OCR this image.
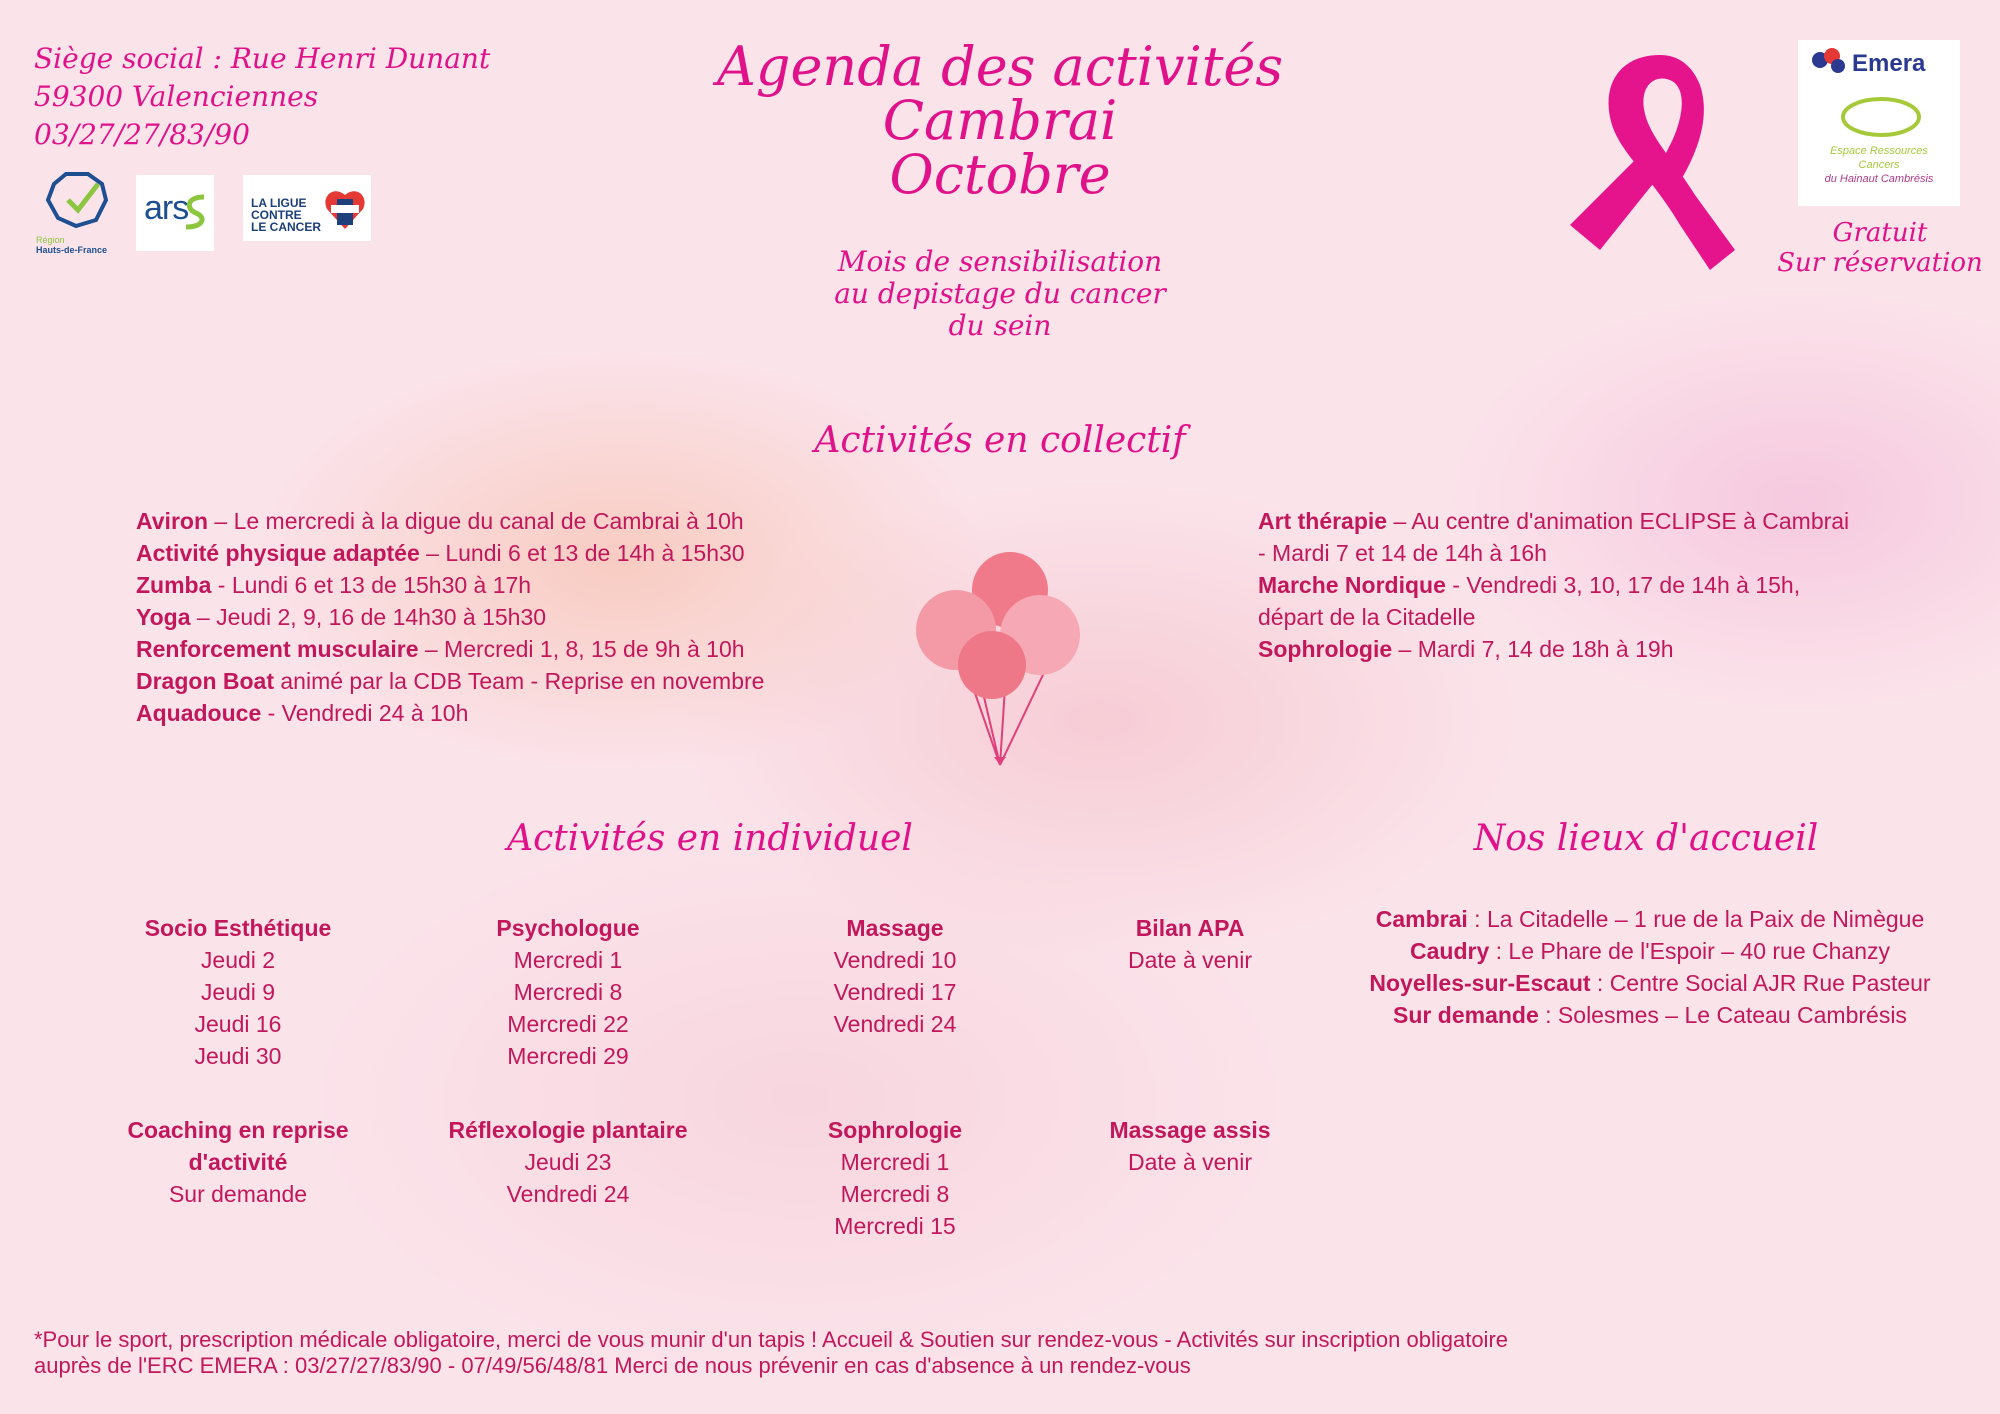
Siège social : Rue Henri Dunant
59300 Valenciennes
03/27/27/83/90
Région
Hauts-de-France
ars	LA LIGUE
CONTRE
LE CANCER
Agenda des activités
Cambrai
Octobre
Mois de sensibilisation au depistage du cancer du sein
Emera
Espace Ressources
Cancers
du Hainaut Cambrésis
Gratuit
Sur réservation
Activités en collectif
Aviron – Le mercredi à la digue du canal de Cambrai à 10h
Activité physique adaptée – Lundi 6 et 13 de 14h à 15h30
Zumba - Lundi 6 et 13 de 15h30 à 17h
Yoga – Jeudi 2, 9, 16 de 14h30 à 15h30
Renforcement musculaire – Mercredi 1, 8, 15 de 9h à 10h
Dragon Boat animé par la CDB Team - Reprise en novembre
Aquadouce - Vendredi 24 à 10h
Art thérapie – Au centre d'animation ECLIPSE à Cambrai - Mardi 7 et 14 de 14h à 16h
Marche Nordique - Vendredi 3, 10, 17 de 14h à 15h, départ de la Citadelle
Sophrologie – Mardi 7, 14 de 18h à 19h
Activités en individuel
Socio Esthétique
Jeudi 2
Jeudi 9
Jeudi 16
Jeudi 30
Psychologue
Mercredi 1
Mercredi 8
Mercredi 22
Mercredi 29
Massage
Vendredi 10
Vendredi 17
Vendredi 24
Bilan APA
Date à venir
Coaching en reprise d'activité
Sur demande
Réflexologie plantaire
Jeudi 23
Vendredi 24
Sophrologie
Mercredi 1
Mercredi 8
Mercredi 15
Massage assis
Date à venir
Nos lieux d'accueil
Cambrai : La Citadelle – 1 rue de la Paix de Nimègue
Caudry : Le Phare de l'Espoir – 40 rue Chanzy
Noyelles-sur-Escaut : Centre Social AJR Rue Pasteur
Sur demande : Solesmes – Le Cateau Cambrésis
*Pour le sport, prescription médicale obligatoire, merci de vous munir d'un tapis ! Accueil & Soutien sur rendez-vous - Activités sur inscription obligatoire
auprès de l'ERC EMERA : 03/27/27/83/90 - 07/49/56/48/81 Merci de nous prévenir en cas d'absence à un rendez-vous
